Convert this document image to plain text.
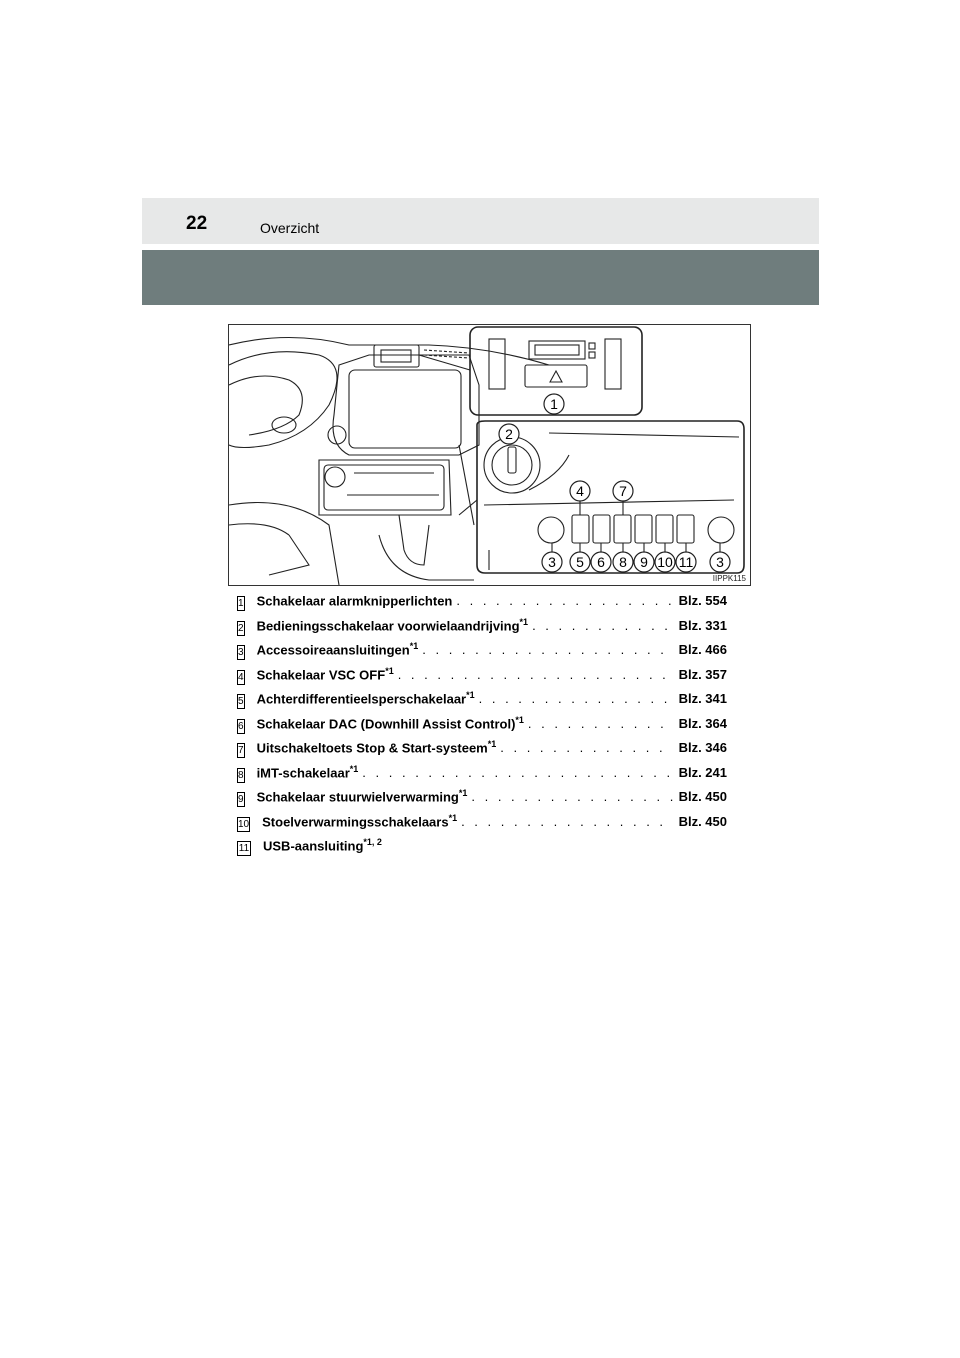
22	Overzicht
1
2
4	7
3 5 6 8 9 10 11 3
IIPPK115
1 Schakelaar alarmknipperlichten . . .	Blz. 554
2 Bedieningsschakelaar voorwielaandrijving$^{*1}$ . . .	Blz. 331
3 Accessoireaansluitingen$^{*1}$ . . .	Blz. 466
4 Schakelaar VSC OFF$^{*1}$ . . .	Blz. 357
5 Achterdifferentieelsperschakelaar$^{*1}$ . . .	Blz. 341
6 Schakelaar DAC (Downhill Assist Control)$^{*1}$ . . .	Blz. 364
7 Uitschakeltoets Stop & Start-systeem$^{*1}$ . . .	Blz. 346
8 iMT-schakelaar$^{*1}$ . . .	Blz. 241
9 Schakelaar stuurwielverwarming$^{*1}$ . . .	Blz. 450
10 Stoelverwarmingsschakelaars$^{*1}$ . . .	Blz. 450
11 USB-aansluiting$^{*1, 2}$
